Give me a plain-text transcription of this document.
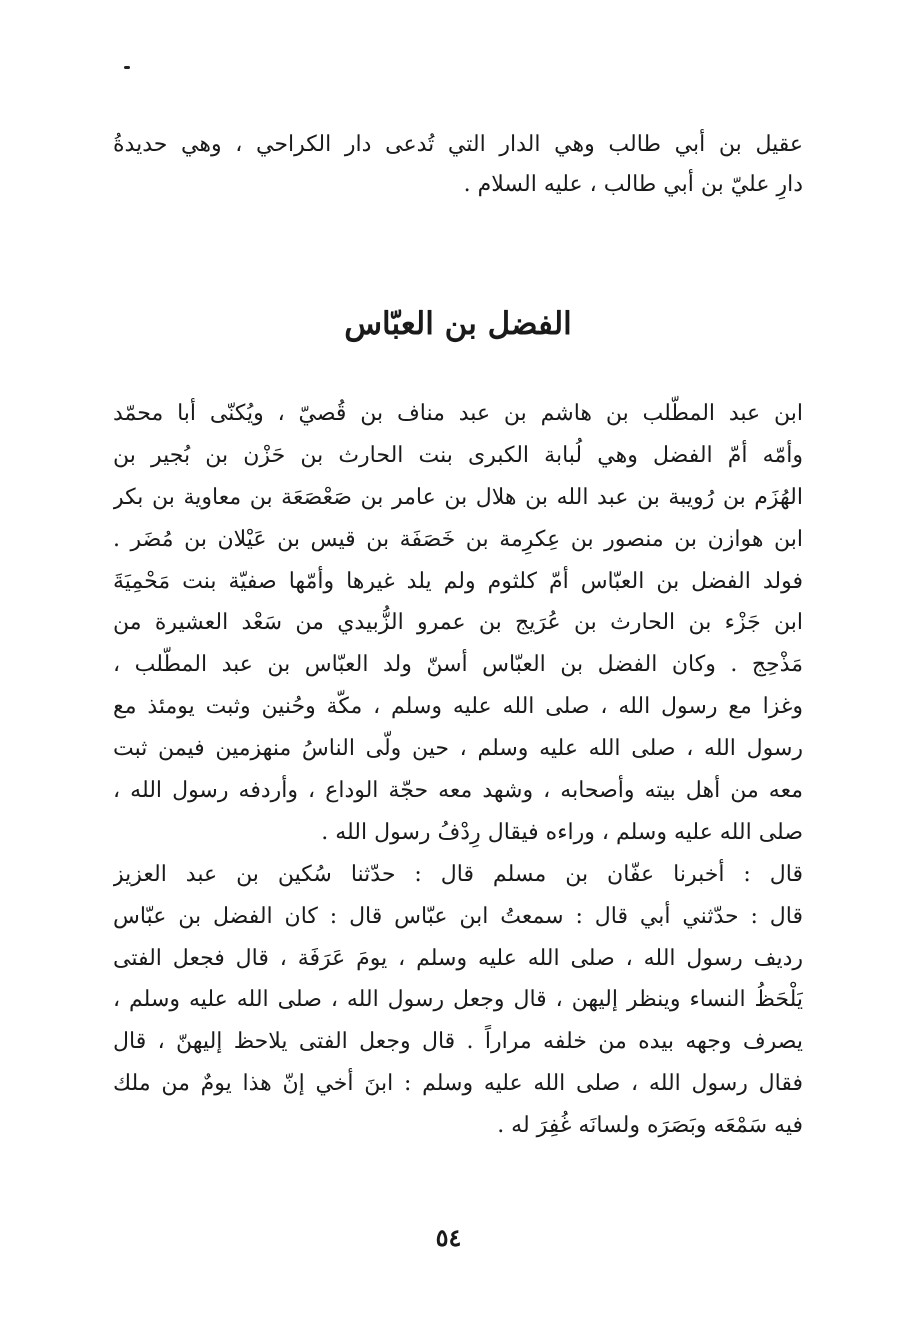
عقيل بن أبي طالب وهي الدار التي تُدعى دار الكراحي ، وهي حديدةُ
دارِ عليّ بن أبي طالب ، عليه السلام .
الفضل بن العبّاس
ابن عبد المطّلب بن هاشم بن عبد مناف بن قُصيّ ، ويُكنّى أبا محمّد
وأمّه أمّ الفضل وهي لُبابة الكبرى بنت الحارث بن حَزْن بن بُجير بن
الهُزَم بن رُويبة بن عبد الله بن هلال بن عامر بن صَعْصَعَة بن معاوية بن بكر
ابن هوازن بن منصور بن عِكرِمة بن خَصَفَة بن قيس بن عَيْلان بن مُضَر .
فولد الفضل بن العبّاس أمّ كلثوم ولم يلد غيرها وأمّها صفيّة بنت مَحْمِيَةَ
ابن جَزْء بن الحارث بن عُرَيج بن عمرو الزُّبيدي من سَعْد العشيرة من
مَذْحِج . وكان الفضل بن العبّاس أسنّ ولد العبّاس بن عبد المطّلب ،
وغزا مع رسول الله ، صلى الله عليه وسلم ، مكّة وحُنين وثبت يومئذ مع
رسول الله ، صلى الله عليه وسلم ، حين ولّى الناسُ منهزمين فيمن ثبت
معه من أهل بيته وأصحابه ، وشهد معه حجّة الوداع ، وأردفه رسول الله ،
صلى الله عليه وسلم ، وراءه فيقال رِدْفُ رسول الله .
قال : أخبرنا عفّان بن مسلم قال : حدّثنا سُكين بن عبد العزيز
قال : حدّثني أبي قال : سمعتُ ابن عبّاس قال : كان الفضل بن عبّاس
رديف رسول الله ، صلى الله عليه وسلم ، يومَ عَرَفَة ، قال فجعل الفتى
يَلْحَظُ النساء وينظر إليهن ، قال وجعل رسول الله ، صلى الله عليه وسلم ،
يصرف وجهه بيده من خلفه مراراً . قال وجعل الفتى يلاحظ إليهنّ ، قال
فقال رسول الله ، صلى الله عليه وسلم : ابنَ أخي إنّ هذا يومٌ من ملك
فيه سَمْعَه وبَصَرَه ولسانَه غُفِرَ له .
٥٤
